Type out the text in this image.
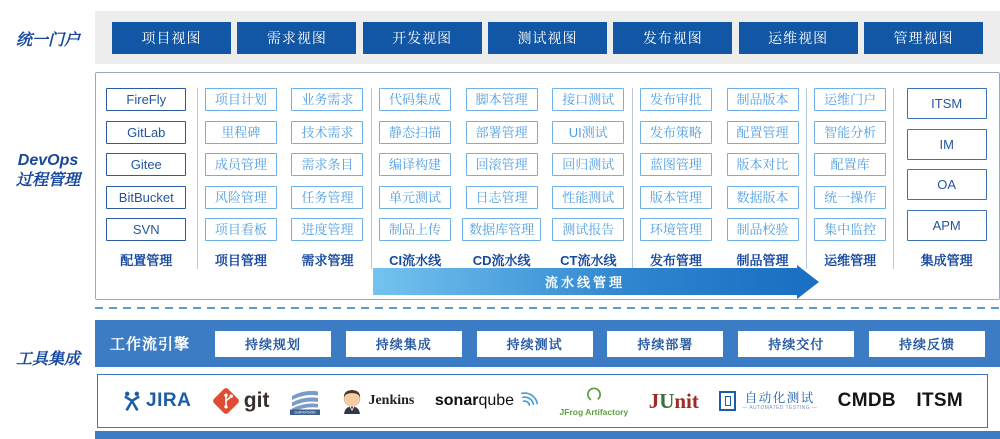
统一门户
DevOps
过程管理
工具集成
项目视图	需求视图	开发视图	测试视图	发布视图	运维视图	管理视图
FireFly
GitLab
Gitee
BitBucket
SVN
配置管理
项目计划
里程碑
成员管理
风险管理
项目看板
项目管理
业务需求
技术需求
需求条目
任务管理
进度管理
需求管理
代码集成
静态扫描
编译构建
单元测试
制品上传
CI流水线
脚本管理
部署管理
回滚管理
日志管理
数据库管理
CD流水线
接口测试
UI测试
回归测试
性能测试
测试报告
CT流水线
发布审批
发布策略
蓝图管理
版本管理
环境管理
发布管理
制品版本
配置管理
版本对比
数据版本
制品校验
制品管理
运维门户
智能分析
配置库
统一操作
集中监控
运维管理
ITSM
IM
OA
APM
集成管理
流水线管理
工作流引擎	持续规划	持续集成	持续测试	持续部署	持续交付	持续反馈
JIRA	git
SUBVERSION
Jenkins sonarqube
JFrog Artifactory JUnit	自动化测试
— AUTOMATED TESTING — CMDB ITSM
